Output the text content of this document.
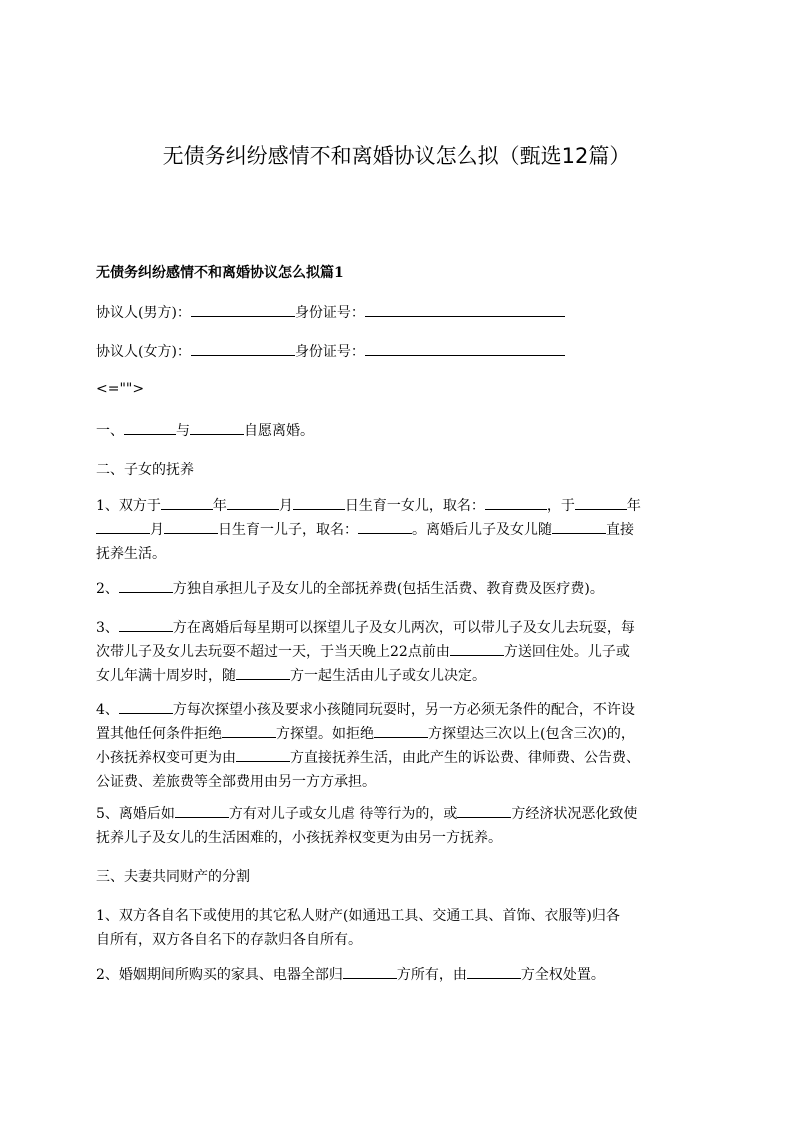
无债务纠纷感情不和离婚协议怎么拟（甄选12篇）
无债务纠纷感情不和离婚协议怎么拟篇1
协议人(男方)：	身份证号：
协议人(女方)：	身份证号：
<="">
一、	与	自愿离婚。
二、子女的抚养
1、双方于	年	月	日生育一女儿，取名：	，于	年
月	日生育一儿子，取名：	。离婚后儿子及女儿随	直接
抚养生活。
2、	方独自承担儿子及女儿的全部抚养费(包括生活费、教育费及医疗费)。
3、	方在离婚后每星期可以探望儿子及女儿两次，可以带儿子及女儿去玩耍，每
次带儿子及女儿去玩耍不超过一天，于当天晚上22点前由	方送回住处。儿子或
女儿年满十周岁时，随	方一起生活由儿子或女儿决定。
4、	方每次探望小孩及要求小孩随同玩耍时，另一方必须无条件的配合，不许设
置其他任何条件拒绝	方探望。如拒绝	方探望达三次以上(包含三次)的，
小孩抚养权变可更为由	方直接抚养生活，由此产生的诉讼费、律师费、公告费、
公证费、差旅费等全部费用由另一方方承担。
5、离婚后如	方有对儿子或女儿虐 待等行为的，或	方经济状况恶化致使
抚养儿子及女儿的生活困难的，小孩抚养权变更为由另一方抚养。
三、夫妻共同财产的分割
1、双方各自名下或使用的其它私人财产(如通迅工具、交通工具、首饰、衣服等)归各
自所有，双方各自名下的存款归各自所有。
2、婚姻期间所购买的家具、电器全部归	方所有，由	方全权处置。
